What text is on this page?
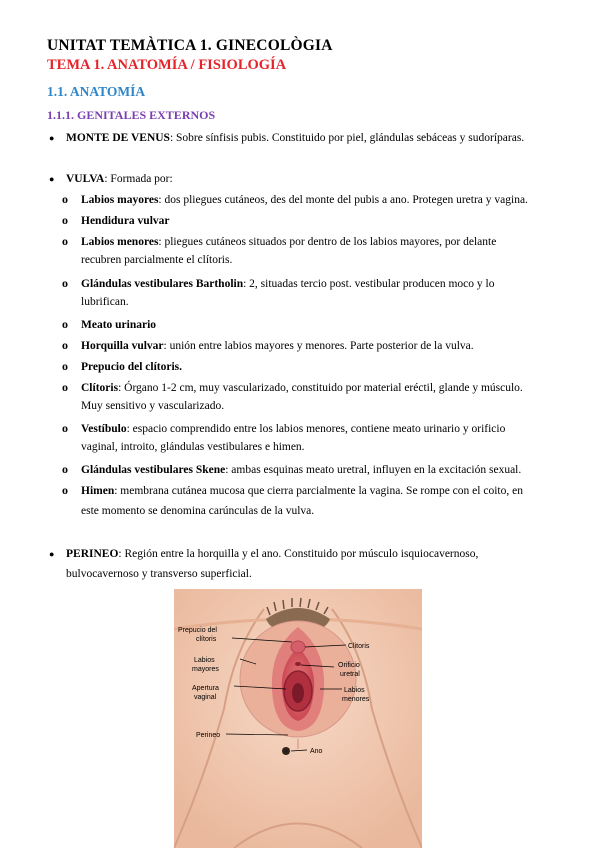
UNITAT TEMÀTICA 1. GINECOLÒGIA
TEMA 1. ANATOMÍA / FISIOLOGÍA
1.1. ANATOMÍA
1.1.1. GENITALES EXTERNOS
● MONTE DE VENUS: Sobre sínfisis pubis. Constituido por piel, glándulas sebáceas y sudoríparas.
● VULVA: Formada por:
o Labios mayores: dos pliegues cutáneos, des del monte del pubis a ano. Protegen uretra y vagina.
o Hendidura vulvar
o Labios menores: pliegues cutáneos situados por dentro de los labios mayores, por delante
recubren parcialmente el clítoris.
o Glándulas vestibulares Bartholin: 2, situadas tercio post. vestibular producen moco y lo
lubrifican.
o Meato urinario
o Horquilla vulvar: unión entre labios mayores y menores. Parte posterior de la vulva.
o Prepucio del clítoris.
o Clítoris: Órgano 1-2 cm, muy vascularizado, constituido por material eréctil, glande y músculo.
Muy sensitivo y vascularizado.
o Vestíbulo: espacio comprendido entre los labios menores, contiene meato urinario y orificio
vaginal, introito, glándulas vestibulares e himen.
o Glándulas vestibulares Skene: ambas esquinas meato uretral, influyen en la excitación sexual.
o Himen: membrana cutánea mucosa que cierra parcialmente la vagina. Se rompe con el coito, en
este momento se denomina carúnculas de la vulva.
● PERINEO: Región entre la horquilla y el ano. Constituido por músculo isquiocavernoso,
bulvocavernoso y transverso superficial.
Prepucio del
clítoris
Labios
mayores
Apertura
vaginal
Perineo
Clitoris
Orificio
uretral
Labios
menores
Ano
